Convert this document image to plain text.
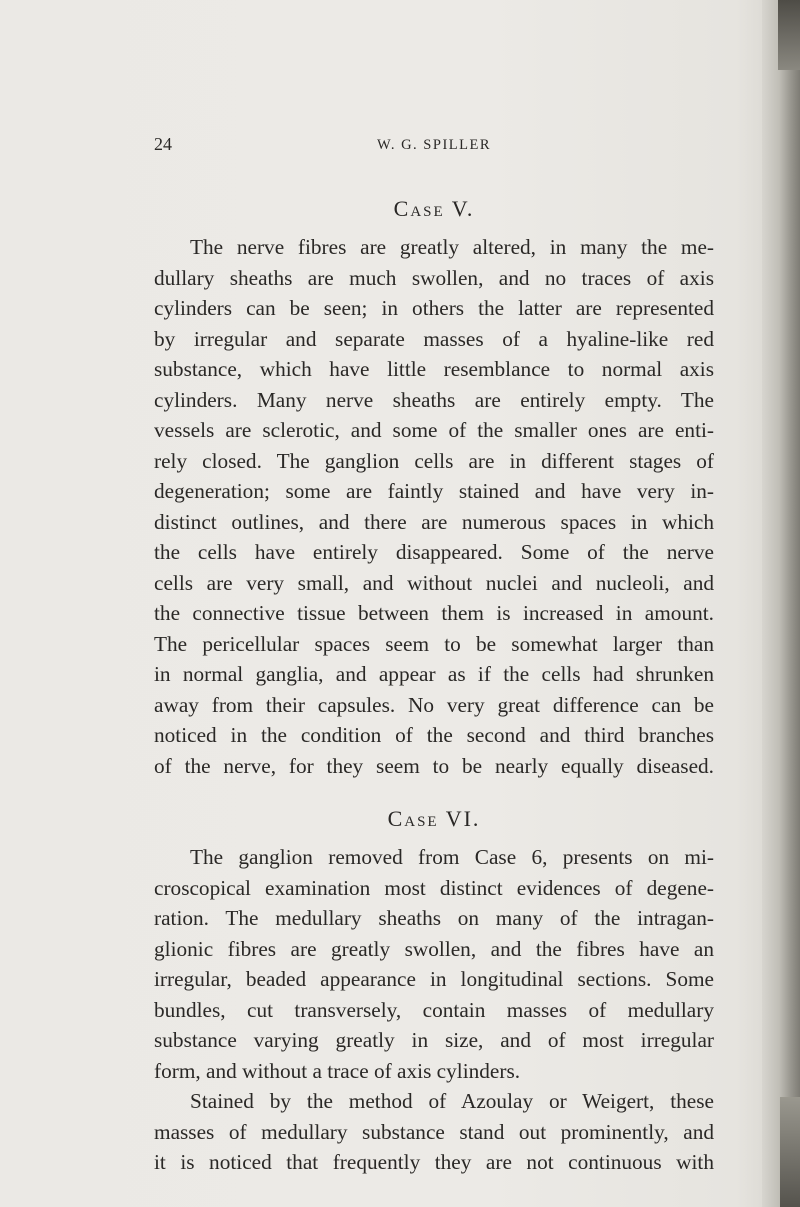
24	W. G. SPILLER
Case V.
The nerve fibres are greatly altered, in many the me-
dullary sheaths are much swollen, and no traces of axis
cylinders can be seen; in others the latter are represented
by irregular and separate masses of a hyaline-like red
substance, which have little resemblance to normal axis
cylinders. Many nerve sheaths are entirely empty. The
vessels are sclerotic, and some of the smaller ones are enti-
rely closed. The ganglion cells are in different stages of
degeneration; some are faintly stained and have very in-
distinct outlines, and there are numerous spaces in which
the cells have entirely disappeared. Some of the nerve
cells are very small, and without nuclei and nucleoli, and
the connective tissue between them is increased in amount.
The pericellular spaces seem to be somewhat larger than
in normal ganglia, and appear as if the cells had shrunken
away from their capsules. No very great difference can be
noticed in the condition of the second and third branches
of the nerve, for they seem to be nearly equally diseased.
Case VI.
The ganglion removed from Case 6, presents on mi-
croscopical examination most distinct evidences of degene-
ration. The medullary sheaths on many of the intragan-
glionic fibres are greatly swollen, and the fibres have an
irregular, beaded appearance in longitudinal sections. Some
bundles, cut transversely, contain masses of medullary
substance varying greatly in size, and of most irregular
form, and without a trace of axis cylinders.
Stained by the method of Azoulay or Weigert, these
masses of medullary substance stand out prominently, and
it is noticed that frequently they are not continuous with
